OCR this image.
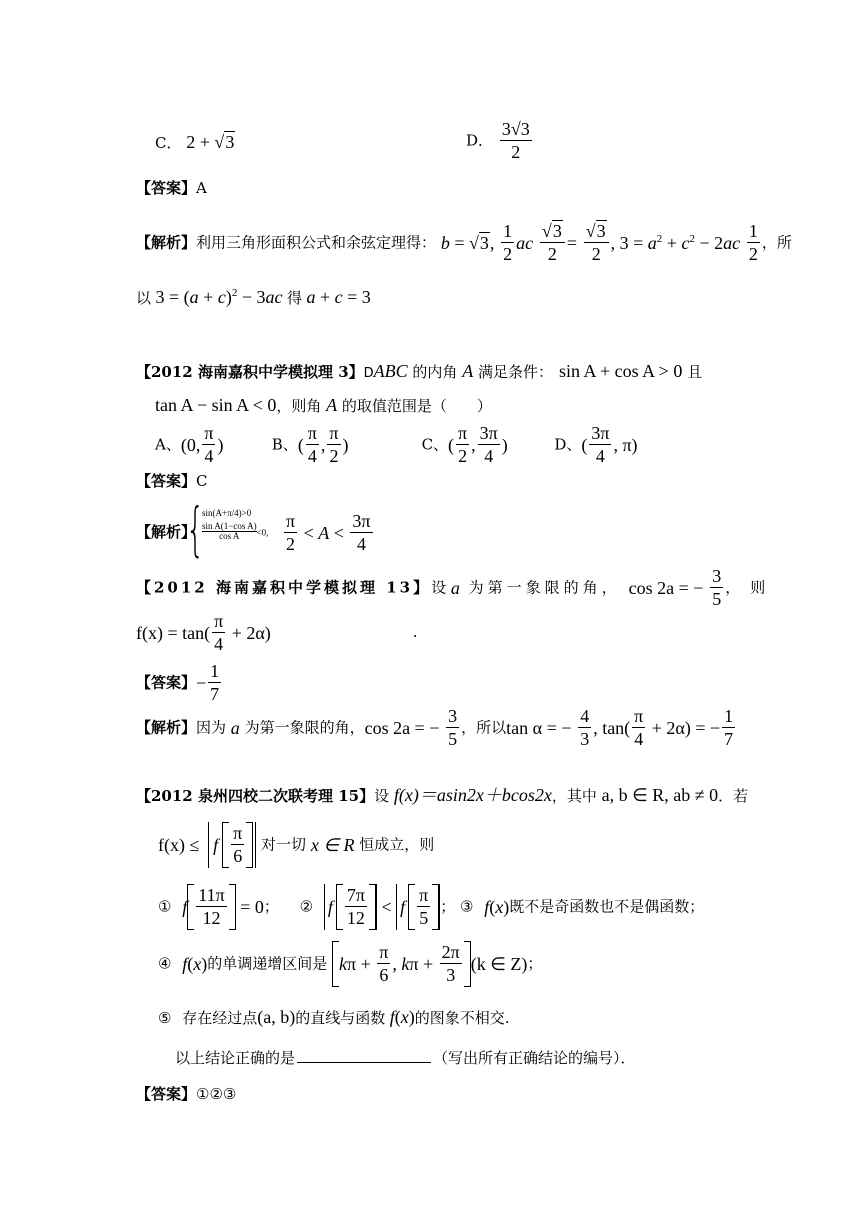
C． 2 + √3	D． $\frac{3√3}{2}$
【答案】A
【解析】利用三角形面积公式和余弦定理得： b = √3, $\frac{1}{2}$ ac $\frac{√3}{2} = \frac{√3}{2}$ , $3 = a^2 + c^2 - 2ac \frac{1}{2}$ ，所
以 $3 = (a + c)^2 - 3ac$ 得 a + c = 3
【2012 海南嘉积中学模拟理 3】DABC 的内角 A 满足条件： sin A + cos A > 0 且
tan A − sin A < 0，则角 A 的取值范围是（　　）
A、(0, $\frac{\pi}{4}$ )	B、( $\frac{\pi}{4}$ , $\frac{\pi}{2}$ )	C、( $\frac{\pi}{2}$ , $\frac{3\pi}{4}$ )	D、( $\frac{3\pi}{4}$ , π)
【答案】C
【解析】
{
sin(A+π/4)>0
$\frac{\text{sin A(1−cos A)}}{\text{cos A}} <0$, $\frac{\pi}{2} < A < \frac{3\pi}{4}$
【2012 海南嘉积中学模拟理 13】设 a 为第一象限的角， cos 2a = − $\frac{3}{5}$ ，则
$f(x) = \tan( \frac{\pi}{4} + 2\alpha)$	.
【答案】− $\frac{1}{7}$
【解析】因为 a 为第一象限的角，cos 2a = − $\frac{3}{5}$ ，所以tan α = − $\frac{4}{3}$ , $\tan( \frac{\pi}{4} + 2\alpha)$ = − $\frac{1}{7}$
【2012 泉州四校二次联考理 15】设 f(x)＝asin2x＋bcos2x，其中 a, b ∈ R, ab ≠ 0．若
f(x) ≤ f $\frac{\pi}{6}$ 对一切 x ∈ R 恒成立，则
① f $\frac{11\pi}{12} = 0$； ② f $\frac{7\pi}{12} < f \frac{\pi}{5}$ ； ③ f(x)既不是奇函数也不是偶函数；
④ f(x)的单调递增区间是 $k\pi + \frac{\pi}{6}$ , $k\pi + \frac{2\pi}{3} (k$ ∈ Z)；
⑤ 存在经过点(a, b)的直线与函数 f(x)的图象不相交.
以上结论正确的是	（写出所有正确结论的编号）．
【答案】①②③
